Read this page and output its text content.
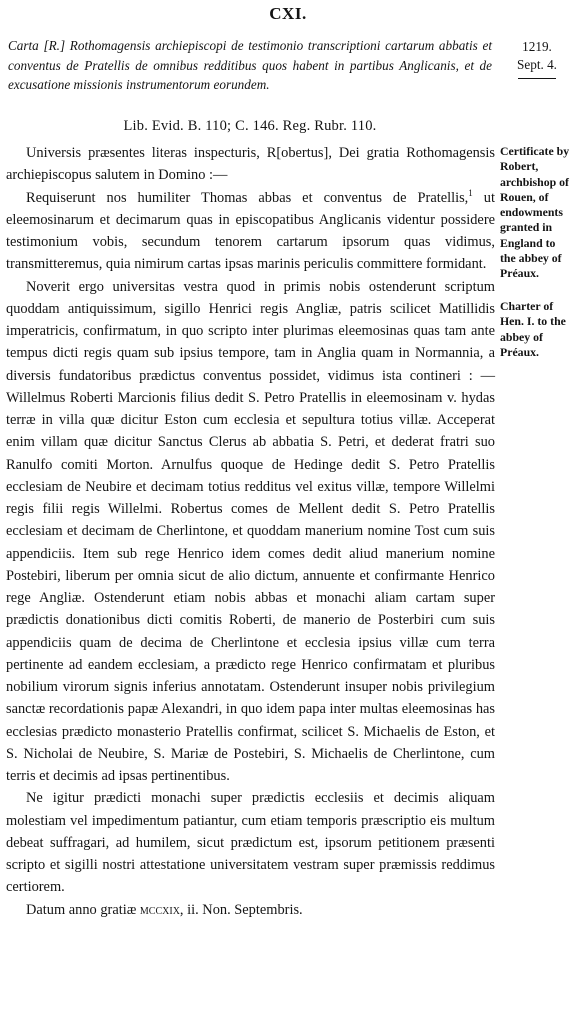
CXI.
Carta [R.] Rothomagensis archiepiscopi de testimonio transcriptioni cartarum abbatis et conventus de Pratellis de omnibus redditibus quos habent in partibus Anglicanis, et de excusatione missionis instrumentorum eorundem.
1219.
Sept. 4.
Lib. Evid. B. 110; C. 146. Reg. Rubr. 110.

Universis præsentes literas inspecturis, R[obertus], Dei gratia Rothomagensis archiepiscopus salutem in Domino :—

Requiserunt nos humiliter Thomas abbas et conventus de Pratellis,$^1$ ut eleemosinarum et decimarum quas in episcopatibus Anglicanis videntur possidere testimonium vobis, secundum tenorem cartarum ipsorum quas vidimus, transmitteremus, quia nimirum cartas ipsas marinis periculis committere formidant.

Noverit ergo universitas vestra quod in primis nobis ostenderunt scriptum quoddam antiquissimum, sigillo Henrici regis Angliæ, patris scilicet Matillidis imperatricis, confirmatum, in quo scripto inter plurimas eleemosinas quas tam ante tempus dicti regis quam sub ipsius tempore, tam in Anglia quam in Normannia, a diversis fundatoribus prædictus conventus possidet, vidimus ista contineri : — Willelmus Roberti Marcionis filius dedit S. Petro Pratellis in eleemosinam v. hydas terræ in villa quæ dicitur Eston cum ecclesia et sepultura totius villæ. Acceperat enim villam quæ dicitur Sanctus Clerus ab abbatia S. Petri, et dederat fratri suo Ranulfo comiti Morton. Arnulfus quoque de Hedinge dedit S. Petro Pratellis ecclesiam de Neubire et decimam totius redditus vel exitus villæ, tempore Willelmi regis filii regis Willelmi. Robertus comes de Mellent dedit S. Petro Pratellis ecclesiam et decimam de Cherlintone, et quoddam manerium nomine Tost cum suis appendiciis. Item sub rege Henrico idem comes dedit aliud manerium nomine Postebiri, liberum per omnia sicut de alio dictum, annuente et confirmante Henrico rege Angliæ. Ostenderunt etiam nobis abbas et monachi aliam cartam super prædictis donationibus dicti comitis Roberti, de manerio de Posterbiri cum suis appendiciis quam de decima de Cherlintone et ecclesia ipsius villæ cum terra pertinente ad eandem ecclesiam, a prædicto rege Henrico confirmatam et pluribus nobilium virorum signis inferius annotatam. Ostenderunt insuper nobis privilegium sanctæ recordationis papæ Alexandri, in quo idem papa inter multas eleemosinas has ecclesias prædicto monasterio Pratellis confirmat, scilicet S. Michaelis de Eston, et S. Nicholai de Neubire, S. Mariæ de Postebiri, S. Michaelis de Cherlintone, cum terris et decimis ad ipsas pertinentibus.

Ne igitur prædicti monachi super prædictis ecclesiis et decimis aliquam molestiam vel impedimentum patiantur, cum etiam temporis præscriptio eis multum debeat suffragari, ad humilem, sicut prædictum est, ipsorum petitionem præsenti scripto et sigilli nostri attestatione universitatem vestram super præmissis reddimus certiorem.

Datum anno gratiæ mccxix, ii. Non. Septembris.

Certificate by Robert, archbishop of Rouen, of endowments granted in England to the abbey of Préaux.
Charter of Hen. I. to the abbey of Préaux.
